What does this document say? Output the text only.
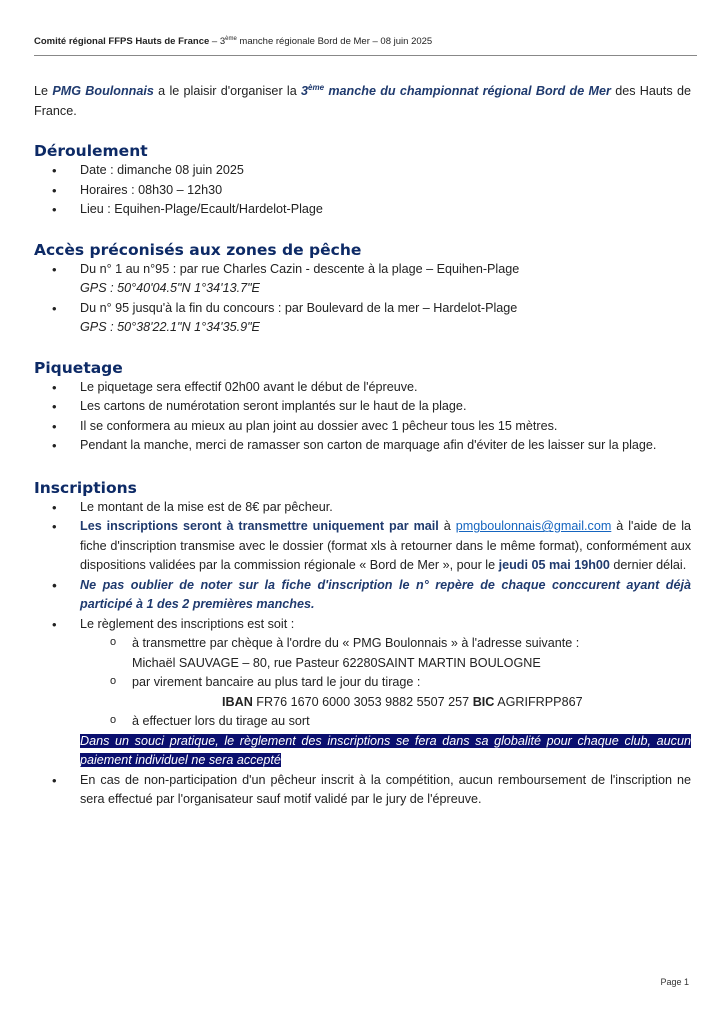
Comité régional FFPS Hauts de France – 3ème manche régionale Bord de Mer – 08 juin 2025

Le PMG Boulonnais a le plaisir d'organiser la 3ème manche du championnat régional Bord de Mer des Hauts de France.

Déroulement
• Date : dimanche 08 juin 2025
• Horaires : 08h30 – 12h30
• Lieu : Equihen-Plage/Ecault/Hardelot-Plage
Accès préconisés aux zones de pêche
• Du n° 1 au n°95 : par rue Charles Cazin - descente à la plage – Equihen-Plage
GPS : 50°40'04.5"N 1°34'13.7"E
• Du n° 95 jusqu'à la fin du concours : par Boulevard de la mer – Hardelot-Plage
GPS : 50°38'22.1"N 1°34'35.9"E
Piquetage
• Le piquetage sera effectif 02h00 avant le début de l'épreuve.
• Les cartons de numérotation seront implantés sur le haut de la plage.
• Il se conformera au mieux au plan joint au dossier avec 1 pêcheur tous les 15 mètres.
• Pendant la manche, merci de ramasser son carton de marquage afin d'éviter de les laisser sur la plage.
Inscriptions
• Le montant de la mise est de 8€ par pêcheur.
• Les inscriptions seront à transmettre uniquement par mail à pmgboulonnais@gmail.com à l'aide de la fiche d'inscription transmise avec le dossier (format xls à retourner dans le même format), conformément aux dispositions validées par la commission régionale « Bord de Mer », pour le jeudi 05 mai 19h00 dernier délai.
• Ne pas oublier de noter sur la fiche d'inscription le n° repère de chaque conccurent ayant déjà participé à 1 des 2 premières manches.
• Le règlement des inscriptions est soit :
o à transmettre par chèque à l'ordre du « PMG Boulonnais » à l'adresse suivante :
Michaël SAUVAGE – 80, rue Pasteur 62280SAINT MARTIN BOULOGNE
o par virement bancaire au plus tard le jour du tirage :
IBAN FR76 1670 6000 3053 9882 5507 257 BIC AGRIFRPP867
o à effectuer lors du tirage au sort
Dans un souci pratique, le règlement des inscriptions se fera dans sa globalité pour chaque club, aucun paiement individuel ne sera accepté
• En cas de non-participation d'un pêcheur inscrit à la compétition, aucun remboursement de l'inscription ne sera effectué par l'organisateur sauf motif validé par le jury de l'épreuve.
Page 1
